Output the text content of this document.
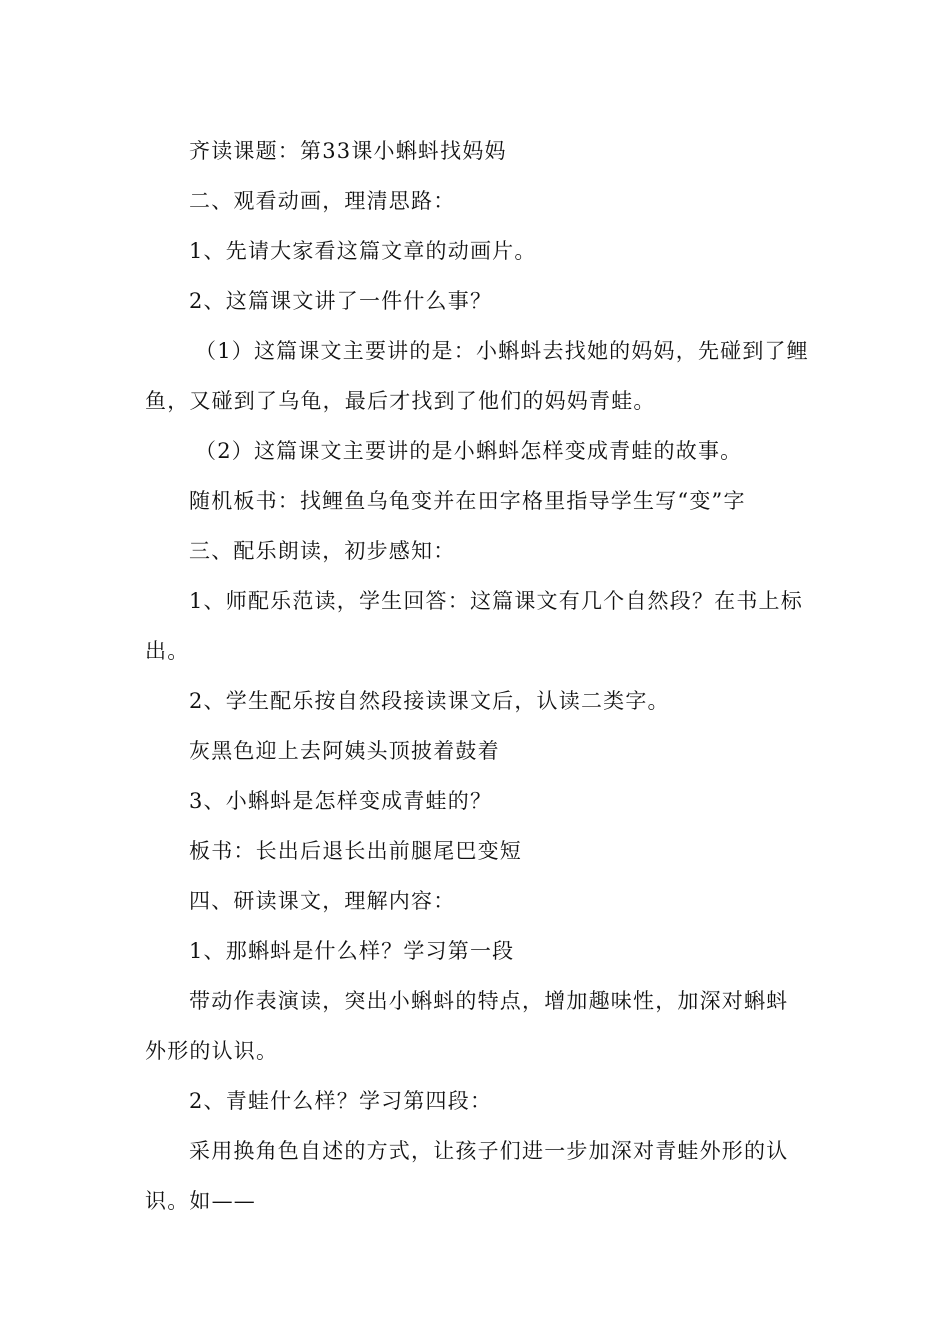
齐读课题：第33课小蝌蚪找妈妈

二、观看动画，理清思路：

1、先请大家看这篇文章的动画片。

2、这篇课文讲了一件什么事？

（1）这篇课文主要讲的是：小蝌蚪去找她的妈妈，先碰到了鲤鱼，又碰到了乌龟，最后才找到了他们的妈妈青蛙。

（2）这篇课文主要讲的是小蝌蚪怎样变成青蛙的故事。

随机板书：找鲤鱼乌龟变并在田字格里指导学生写“变”字

三、配乐朗读，初步感知：

1、师配乐范读，学生回答：这篇课文有几个自然段？在书上标出。

2、学生配乐按自然段接读课文后，认读二类字。

灰黑色迎上去阿姨头顶披着鼓着

3、小蝌蚪是怎样变成青蛙的？

板书：长出后退长出前腿尾巴变短

四、研读课文，理解内容：

1、那蝌蚪是什么样？学习第一段

带动作表演读，突出小蝌蚪的特点，增加趣味性，加深对蝌蚪外形的认识。

2、青蛙什么样？学习第四段：

采用换角色自述的方式，让孩子们进一步加深对青蛙外形的认识。如——
